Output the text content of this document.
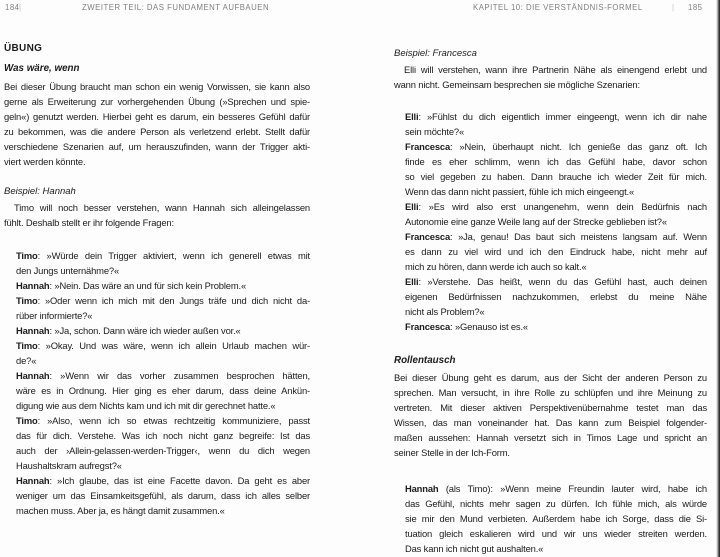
184 |	ZWEITER TEIL: DAS FUNDAMENT AUFBAUEN	KAPITEL 10: DIE VERSTÄNDNIS-FORMEL	| 185
ÜBUNG
Was wäre, wenn
Bei dieser Übung braucht man schon ein wenig Vorwissen, sie kann also
gerne als Erweiterung zur vorhergehenden Übung (»Sprechen und spie-
geln«) genutzt werden. Hierbei geht es darum, ein besseres Gefühl dafür
zu bekommen, was die andere Person als verletzend erlebt. Stellt dafür
verschiedene Szenarien auf, um herauszufinden, wann der Trigger akti-
viert werden könnte.
Beispiel: Hannah
Timo will noch besser verstehen, wann Hannah sich alleingelassen
fühlt. Deshalb stellt er ihr folgende Fragen:
Timo: »Würde dein Trigger aktiviert, wenn ich generell etwas mit
den Jungs unternähme?«
Hannah: »Nein. Das wäre an und für sich kein Problem.«
Timo: »Oder wenn ich mich mit den Jungs träfe und dich nicht da-
rüber informierte?«
Hannah: »Ja, schon. Dann wäre ich wieder außen vor.«
Timo: »Okay. Und was wäre, wenn ich allein Urlaub machen wür-
de?«
Hannah: »Wenn wir das vorher zusammen besprochen hätten,
wäre es in Ordnung. Hier ging es eher darum, dass deine Ankün-
digung wie aus dem Nichts kam und ich mit dir gerechnet hatte.«
Timo: »Also, wenn ich so etwas rechtzeitig kommuniziere, passt
das für dich. Verstehe. Was ich noch nicht ganz begreife: Ist das
auch der ›Allein-gelassen-werden-Trigger‹, wenn du dich wegen
Haushaltskram aufregst?«
Hannah: »Ich glaube, das ist eine Facette davon. Da geht es aber
weniger um das Einsamkeitsgefühl, als darum, dass ich alles selber
machen muss. Aber ja, es hängt damit zusammen.«
Beispiel: Francesca
Elli will verstehen, wann ihre Partnerin Nähe als einengend erlebt und
wann nicht. Gemeinsam besprechen sie mögliche Szenarien:
Elli: »Fühlst du dich eigentlich immer eingeengt, wenn ich dir nahe
sein möchte?«
Francesca: »Nein, überhaupt nicht. Ich genieße das ganz oft. Ich
finde es eher schlimm, wenn ich das Gefühl habe, davor schon
so viel gegeben zu haben. Dann brauche ich wieder Zeit für mich.
Wenn das dann nicht passiert, fühle ich mich eingeengt.«
Elli: »Es wird also erst unangenehm, wenn dein Bedürfnis nach
Autonomie eine ganze Weile lang auf der Strecke geblieben ist?«
Francesca: »Ja, genau! Das baut sich meistens langsam auf. Wenn
es dann zu viel wird und ich den Eindruck habe, nicht mehr auf
mich zu hören, dann werde ich auch so kalt.«
Elli: »Verstehe. Das heißt, wenn du das Gefühl hast, auch deinen
eigenen Bedürfnissen nachzukommen, erlebst du meine Nähe
nicht als Problem?«
Francesca: »Genauso ist es.«
Rollentausch
Bei dieser Übung geht es darum, aus der Sicht der anderen Person zu
sprechen. Man versucht, in ihre Rolle zu schlüpfen und ihre Meinung zu
vertreten. Mit dieser aktiven Perspektivenübernahme testet man das
Wissen, das man voneinander hat. Das kann zum Beispiel folgender-
maßen aussehen: Hannah versetzt sich in Timos Lage und spricht an
seiner Stelle in der Ich-Form.
Hannah (als Timo): »Wenn meine Freundin lauter wird, habe ich
das Gefühl, nichts mehr sagen zu dürfen. Ich fühle mich, als würde
sie mir den Mund verbieten. Außerdem habe ich Sorge, dass die Si-
tuation gleich eskalieren wird und wir uns wieder streiten werden.
Das kann ich nicht gut aushalten.«
